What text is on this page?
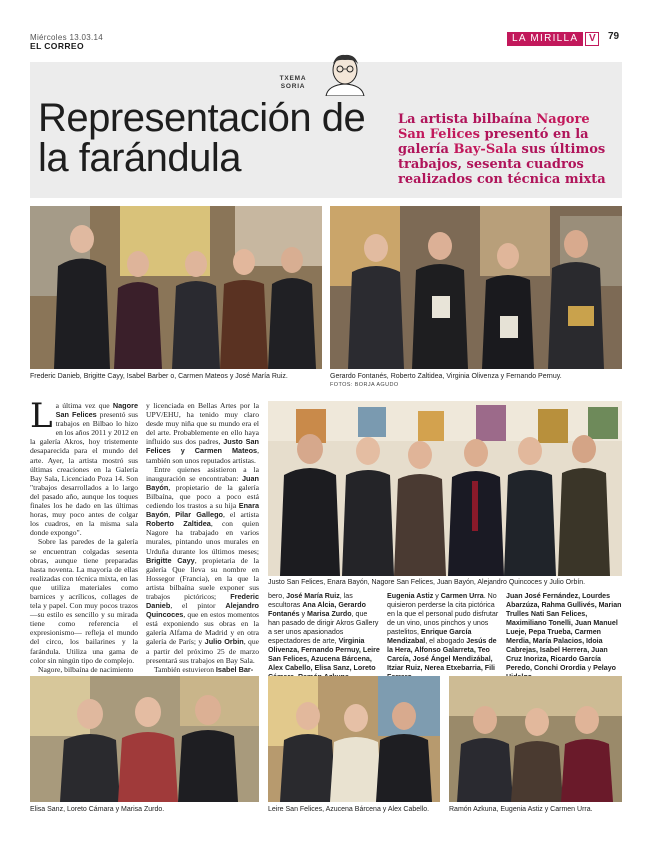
Miércoles 13.03.14
EL CORREO
LA MIRILLA	V	79
TXEMA
SORIA
Representación de la farándula
La artista bilbaína Nagore San Felices presentó en la galería Bay-Sala sus últimos trabajos, sesenta cuadros realizados con técnica mixta
Frederic Danieb, Brigitte Cayy, Isabel Barber o, Carmen Mateos y José María Ruiz.	Gerardo Fontanés, Roberto Zaltidea, Virginia Olivenza y Fernando Pernuy.
FOTOS: BORJA AGUDO
La última vez que Nagore San Felices presentó sus trabajos en Bilbao lo hizo en los años 2011 y 2012 en la galería Akros, hoy tristemente desaparecida para el mundo del arte. Ayer, la artista mostró sus últimas creaciones en la Galería Bay Sala, Licenciado Poza 14. Son "trabajos desarrollados a lo largo del pasado año, aunque los toques finales los he dado en las últimas horas, muy poco antes de colgar los cuadros, en la misma sala donde expongo".

Sobre las paredes de la galería se encuentran colgadas sesenta obras, aunque tiene preparadas hasta noventa. La mayoría de ellas realizadas con técnica mixta, en las que utiliza materiales como barnices y acrílicos, collages de tela y papel. Con muy pocos trazos —su estilo es sencillo y su mirada tiene como referencia el expresionismo— refleja el mundo del circo, los bailarines y la farándula. Utiliza una gama de color sin ningún tipo de complejo.

Nagore, bilbaína de nacimiento

y licenciada en Bellas Artes por la UPV/EHU, ha tenido muy claro desde muy niña que su mundo era el del arte. Probablemente en ello haya influido sus dos padres, Justo San Felices y Carmen Mateos, también son unos reputados artistas.

Entre quienes asistieron a la inauguración se encontraban: Juan Bayón, propietario de la galería Bilbaína, que poco a poco está cediendo los trastos a su hija Enara Bayón, Pilar Gallego, el artista Roberto Zaltidea, con quien Nagore ha trabajado en varios murales, pintando unos murales en Urduña durante los últimos meses; Brigitte Cayy, propietaria de la galería Que lleva su nombre en Hossegor (Francia), en la que la artista bilbaína suele exponer sus trabajos pictóricos; Frederic Danieb, el pintor Alejandro Quincoces, que en estos momentos está exponiendo sus obras en la galería Alfama de Madrid y en otra galería de París; y Julio Orbin, que a partir del próximo 25 de marzo presentará sus trabajos en Bay Sala.

También estuvieron Isabel Bar-

Justo San Felices, Enara Bayón, Nagore San Felices, Juan Bayón, Alejandro Quincoces y Julio Orbín.
bero, José María Ruiz, las escultoras Ana Alcia, Gerardo Fontanés y Marisa Zurdo, que han pasado de dirigir Akros Gallery a ser unos apasionados espectadores de arte, Virginia Olivenza, Fernando Pernuy, Leire San Felices, Azucena Bárcena, Alex Cabello, Elisa Sanz, Loreto
Eugenia Astiz y Carmen Urra. No quisieron perderse la cita pictórica en la que el personal pudo disfrutar de un vino, unos pinchos y unos pastelitos, Enrique García Mendizabal, el abogado Jesús de la Hera, Alfonso Galarreta, Teo Carcía, José Ángel Mendizábal, Itziar Ruiz, Nerea Etxebarria, Fili
Juan José Fernández, Lourdes Abarzúza, Rahma Gullivés, Marian Trulles Nati San Felices, Maximiliano Tonelli, Juan Manuel Lueje, Pepa Trueba, Carmen Merdia, María Palacios, Idoia Cabrejas, Isabel Herrera, Juan Cruz Inoriza, Ricardo García Peredo, Conchi Orordia y Pelayo
Elisa Sanz, Loreto Cámara y Marisa Zurdo.	Leire San Felices, Azucena Bárcena y Alex Cabello.	Ramón Azkuna, Eugenia Astiz y Carmen Urra.
